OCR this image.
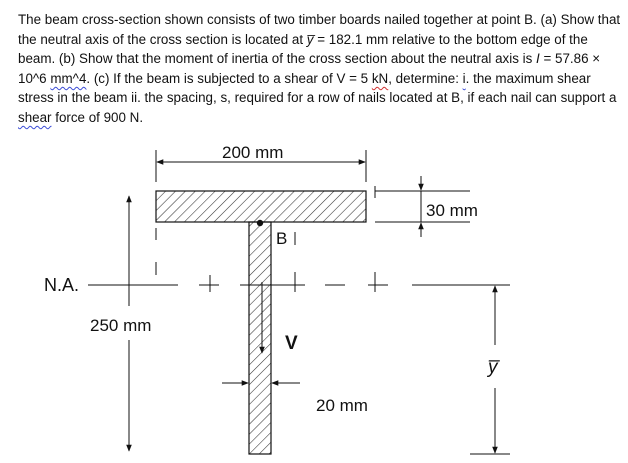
The beam cross-section shown consists of two timber boards nailed together at point B. (a) Show that the neutral axis of the cross section is located at y̅ = 182.1 mm relative to the bottom edge of the beam. (b) Show that the moment of inertia of the cross section about the neutral axis is I = 57.86 × 10^6 mm^4. (c) If the beam is subjected to a shear of V = 5 kN, determine: i. the maximum shear stress in the beam ii. the spacing, s, required for a row of nails located at B, if each nail can support a shear force of 900 N.
200 mm
B
30 mm
N.A.
250 mm
V
20 mm
y̅
